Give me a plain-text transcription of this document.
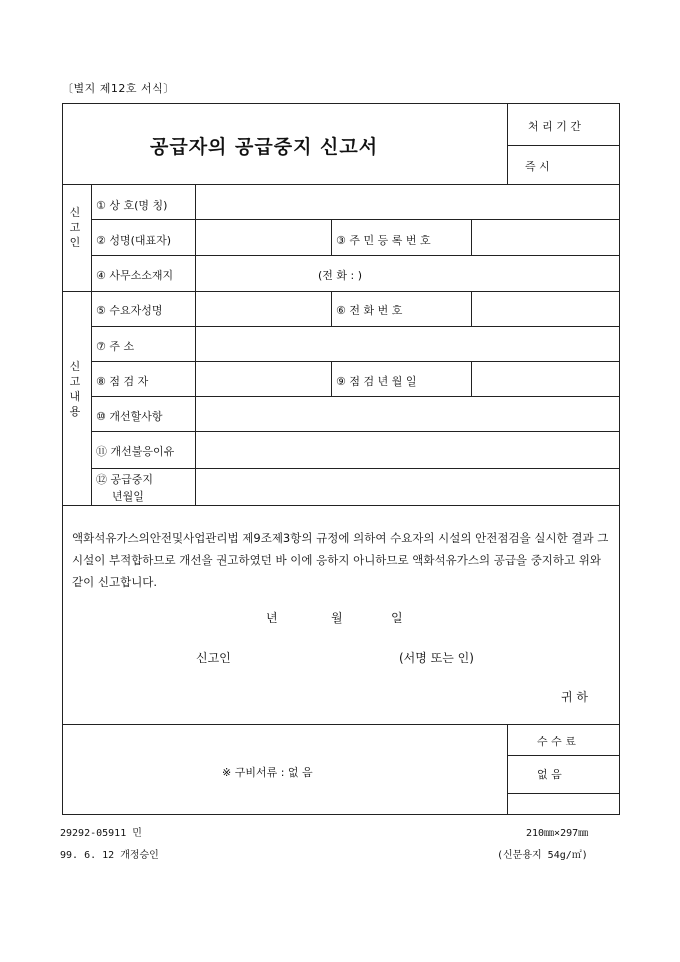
〔별지 제12호 서식〕
공급자의 공급중지 신고서
처 리 기 간
즉 시
신고인
신고내용
① 상 호(명 칭)
② 성명(대표자)	③ 주 민 등 록 번 호
④ 사무소소재지	(전 화 : )
⑤ 수요자성명	⑥ 전 화 번 호
⑦ 주 소
⑧ 점 검 자	⑨ 점 검 년 월 일
⑩ 개선할사항
⑪ 개선불응이유
⑫ 공급중지
년월일
액화석유가스의안전및사업관리법 제9조제3항의 규정에 의하여 수요자의 시설의 안전점검을 실시한 결과 그 시설이 부적합하므로 개선을 권고하였던 바 이에 응하지 아니하므로 액화석유가스의 공급을 중지하고 위와 같이 신고합니다.
년	월	일
신고인	(서명 또는 인)
귀 하
※ 구비서류 : 없 음
수 수 료
없 음
29292-05911 민
99. 6. 12 개정승인
210㎜×297㎜
(신문용지 54g/㎡)
